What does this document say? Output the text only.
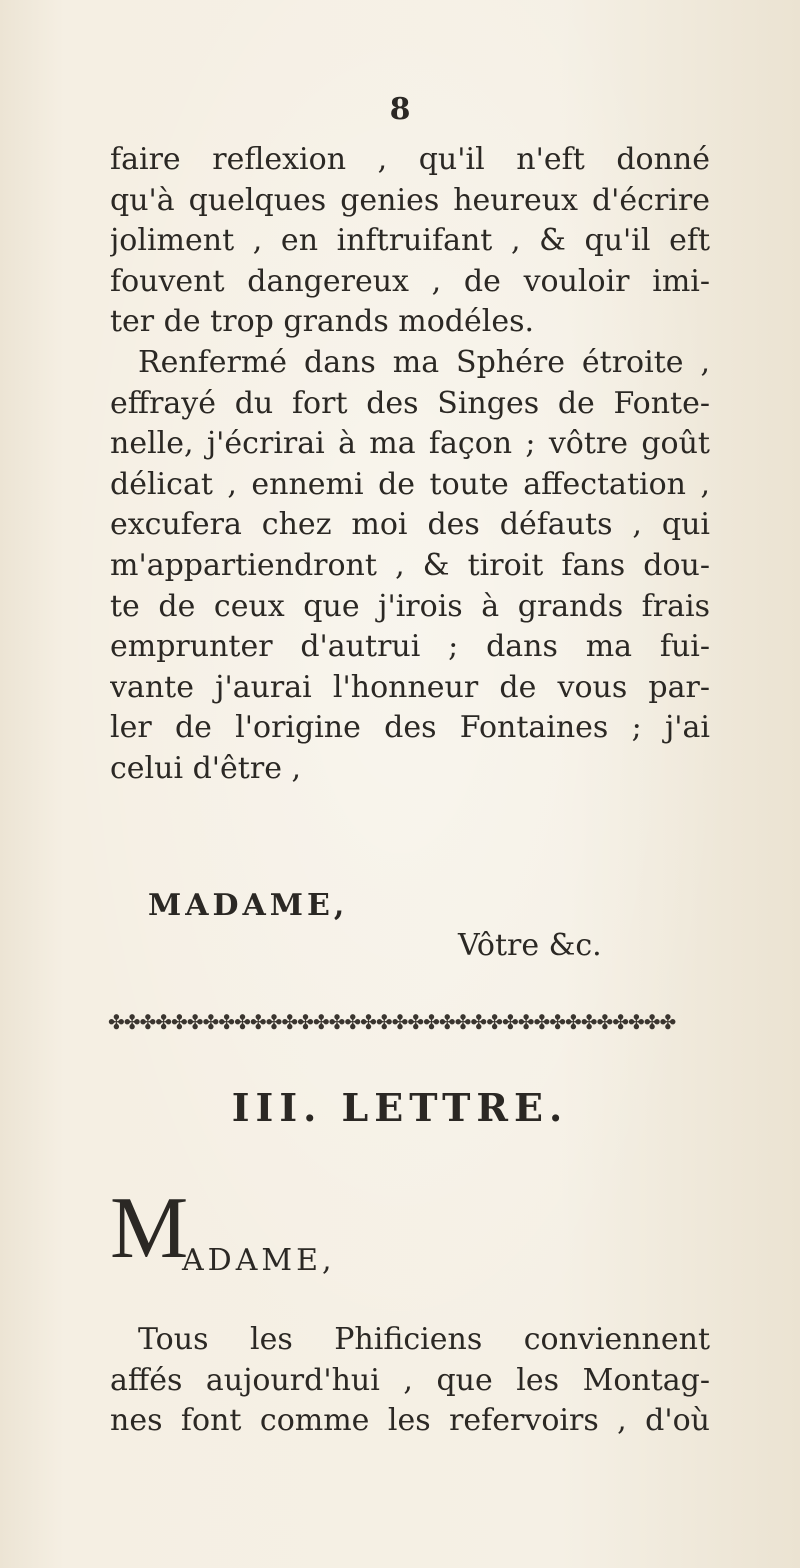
8
faire reflexion , qu'il n'eft donné
qu'à quelques genies heureux d'écrire
joliment , en inftruifant , & qu'il eft
fouvent dangereux , de vouloir imi-
ter de trop grands modéles.
Renfermé dans ma Sphére étroite ,
effrayé du fort des Singes de Fonte-
nelle, j'écrirai à ma façon ; vôtre goût
délicat , ennemi de toute affectation ,
excufera chez moi des défauts , qui
m'appartiendront , & tiroit fans dou-
te de ceux que j'irois à grands frais
emprunter d'autrui ; dans ma fui-
vante j'aurai l'honneur de vous par-
ler de l'origine des Fontaines ; j'ai
celui d'être ,
MADAME,
Vôtre &c.
✤✤✤✤✤✤✤✤✤✤✤✤✤✤✤✤✤✤✤✤✤✤✤✤✤✤✤✤✤✤✤✤✤✤✤✤
III. LETTRE.
M
ADAME,
Tous les Phificiens conviennent
affés aujourd'hui , que les Montag-
nes font comme les refervoirs , d'où
